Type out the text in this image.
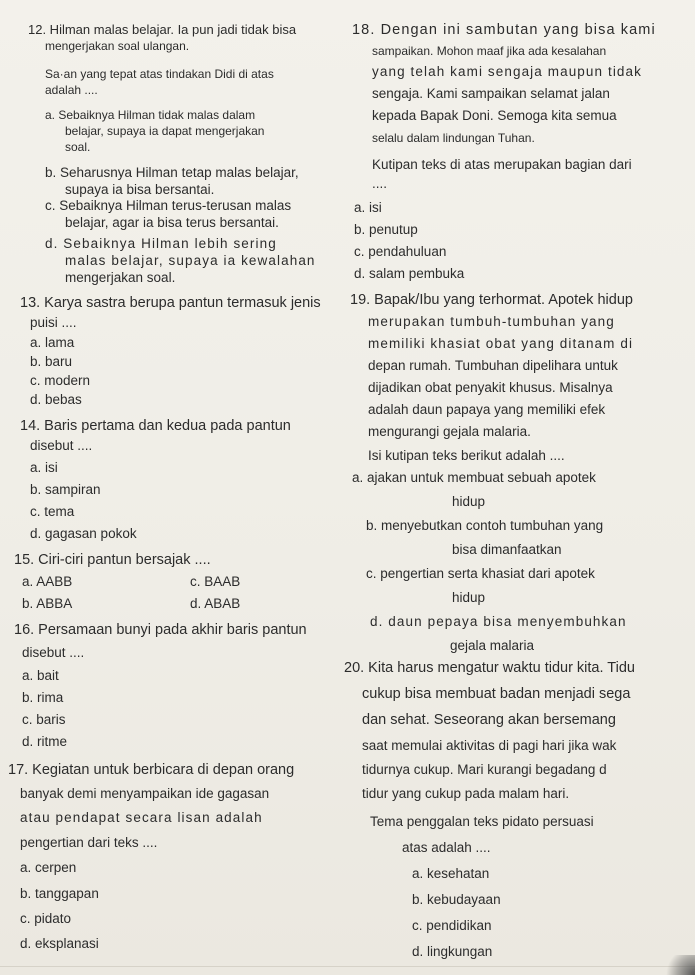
12. Hilman malas belajar. Ia pun jadi tidak bisa
mengerjakan soal ulangan.
Sa·an yang tepat atas tindakan Didi di atas
adalah ....
a. Sebaiknya Hilman tidak malas dalam
belajar, supaya ia dapat mengerjakan
soal.
b. Seharusnya Hilman tetap malas belajar,
supaya ia bisa bersantai.
c. Sebaiknya Hilman terus-terusan malas
belajar, agar ia bisa terus bersantai.
d. Sebaiknya Hilman lebih sering
malas belajar, supaya ia kewalahan
mengerjakan soal.
13. Karya sastra berupa pantun termasuk jenis
puisi ....
a. lama
b. baru
c. modern
d. bebas
14. Baris pertama dan kedua pada pantun
disebut ....
a. isi
b. sampiran
c. tema
d. gagasan pokok
15. Ciri-ciri pantun bersajak ....
a. AABB	c. BAAB
b. ABBA	d. ABAB
16. Persamaan bunyi pada akhir baris pantun
disebut ....
a. bait
b. rima
c. baris
d. ritme
17. Kegiatan untuk berbicara di depan orang
banyak demi menyampaikan ide gagasan
atau pendapat secara lisan adalah
pengertian dari teks ....
a. cerpen
b. tanggapan
c. pidato
d. eksplanasi
18. Dengan ini sambutan yang bisa kami
sampaikan. Mohon maaf jika ada kesalahan
yang telah kami sengaja maupun tidak
sengaja. Kami sampaikan selamat jalan
kepada Bapak Doni. Semoga kita semua
selalu dalam lindungan Tuhan.
Kutipan teks di atas merupakan bagian dari
....
a. isi
b. penutup
c. pendahuluan
d. salam pembuka
19. Bapak/Ibu yang terhormat. Apotek hidup
merupakan tumbuh-tumbuhan yang
memiliki khasiat obat yang ditanam di
depan rumah. Tumbuhan dipelihara untuk
dijadikan obat penyakit khusus. Misalnya
adalah daun papaya yang memiliki efek
mengurangi gejala malaria.
Isi kutipan teks berikut adalah ....
a. ajakan untuk membuat sebuah apotek
hidup
b. menyebutkan contoh tumbuhan yang
bisa dimanfaatkan
c. pengertian serta khasiat dari apotek
hidup
d. daun pepaya bisa menyembuhkan
gejala malaria
20. Kita harus mengatur waktu tidur kita. Tidu
cukup bisa membuat badan menjadi sega
dan sehat. Seseorang akan bersemang
saat memulai aktivitas di pagi hari jika wak
tidurnya cukup. Mari kurangi begadang d
tidur yang cukup pada malam hari.
Tema penggalan teks pidato persuasi
atas adalah ....
a. kesehatan
b. kebudayaan
c. pendidikan
d. lingkungan
